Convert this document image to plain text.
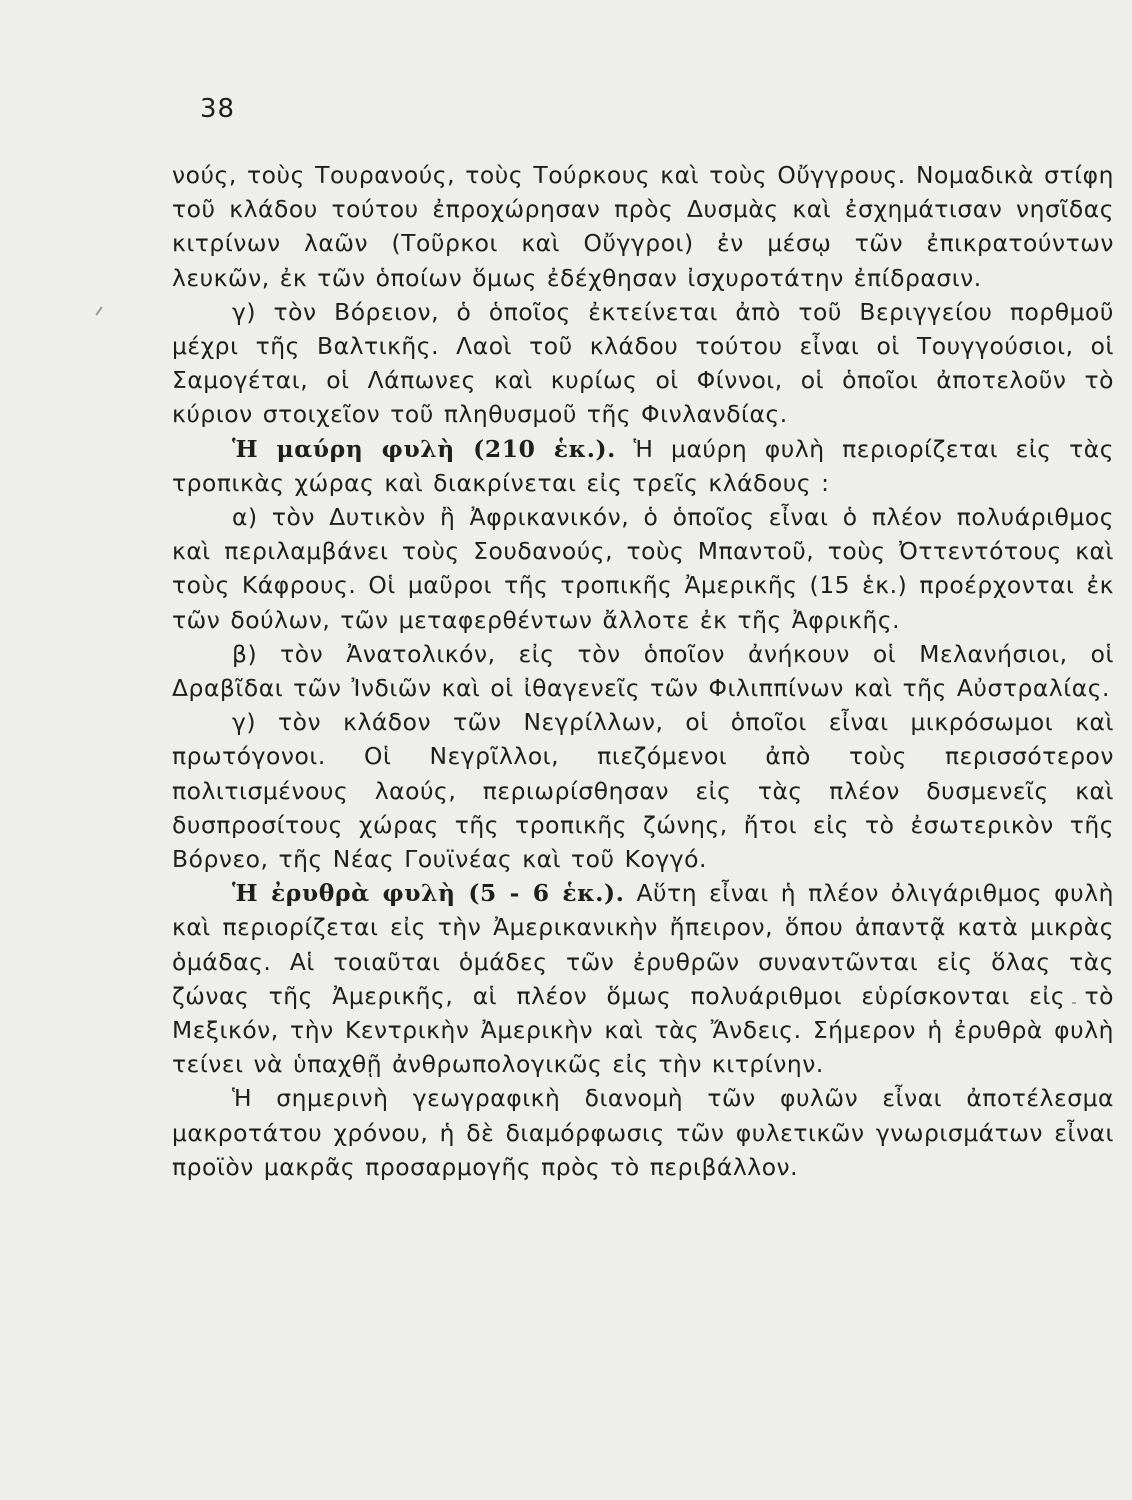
38

νούς, τοὺς Τουρανούς, τοὺς Τούρκους καὶ τοὺς Οὔγγρους. Νομαδικὰ στίφη τοῦ κλάδου τούτου ἐπροχώρησαν πρὸς Δυσμὰς καὶ ἐσχημάτισαν νησῖδας κιτρίνων λαῶν (Τοῦρκοι καὶ Οὔγγροι) ἐν μέσῳ τῶν ἐπικρατούντων λευκῶν, ἐκ τῶν ὁποίων ὅμως ἐδέχθησαν ἰσχυροτάτην ἐπίδρασιν.

γ) τὸν Βόρειον, ὁ ὁποῖος ἐκτείνεται ἀπὸ τοῦ Βεριγγείου πορθμοῦ μέχρι τῆς Βαλτικῆς. Λαοὶ τοῦ κλάδου τούτου εἶναι οἱ Τουγγούσιοι, οἱ Σαμογέται, οἱ Λάπωνες καὶ κυρίως οἱ Φίννοι, οἱ ὁποῖοι ἀποτελοῦν τὸ κύριον στοιχεῖον τοῦ πληθυσμοῦ τῆς Φινλανδίας.

Ἡ μαύρη φυλὴ (210 ἑκ.). Ἡ μαύρη φυλὴ περιορίζεται εἰς τὰς τροπικὰς χώρας καὶ διακρίνεται εἰς τρεῖς κλάδους :

α) τὸν Δυτικὸν ἢ Ἀφρικανικόν, ὁ ὁποῖος εἶναι ὁ πλέον πολυάριθμος καὶ περιλαμβάνει τοὺς Σουδανούς, τοὺς Μπαντοῦ, τοὺς Ὀττεντότους καὶ τοὺς Κάφρους. Οἱ μαῦροι τῆς τροπικῆς Ἀμερικῆς (15 ἑκ.) προέρχονται ἐκ τῶν δούλων, τῶν μεταφερθέντων ἄλλοτε ἐκ τῆς Ἀφρικῆς.

β) τὸν Ἀνατολικόν, εἰς τὸν ὁποῖον ἀνήκουν οἱ Μελανήσιοι, οἱ Δραβῖδαι τῶν Ἰνδιῶν καὶ οἱ ἰθαγενεῖς τῶν Φιλιππίνων καὶ τῆς Αὐστραλίας.

γ) τὸν κλάδον τῶν Νεγρίλλων, οἱ ὁποῖοι εἶναι μικρόσωμοι καὶ πρωτόγονοι. Οἱ Νεγρῖλλοι, πιεζόμενοι ἀπὸ τοὺς περισσότερον πολιτισμένους λαούς, περιωρίσθησαν εἰς τὰς πλέον δυσμενεῖς καὶ δυσπροσίτους χώρας τῆς τροπικῆς ζώνης, ἤτοι εἰς τὸ ἐσωτερικὸν τῆς Βόρνεο, τῆς Νέας Γουϊνέας καὶ τοῦ Κογγό.

Ἡ ἐρυθρὰ φυλὴ (5 - 6 ἑκ.). Αὕτη εἶναι ἡ πλέον ὀλιγάριθμος φυλὴ καὶ περιορίζεται εἰς τὴν Ἀμερικανικὴν ἤπειρον, ὅπου ἀπαντᾷ κατὰ μικρὰς ὁμάδας. Αἱ τοιαῦται ὁμάδες τῶν ἐρυθρῶν συναντῶνται εἰς ὅλας τὰς ζώνας τῆς Ἀμερικῆς, αἱ πλέον ὅμως πολυάριθμοι εὑρίσκονται εἰς τὸ Μεξικόν, τὴν Κεντρικὴν Ἀμερικὴν καὶ τὰς Ἄνδεις. Σήμερον ἡ ἐρυθρὰ φυλὴ τείνει νὰ ὑπαχθῇ ἀνθρωπολογικῶς εἰς τὴν κιτρίνην.

Ἡ σημερινὴ γεωγραφικὴ διανομὴ τῶν φυλῶν εἶναι ἀποτέλεσμα μακροτάτου χρόνου, ἡ δὲ διαμόρφωσις τῶν φυλετικῶν γνωρισμάτων εἶναι προϊὸν μακρᾶς προσαρμογῆς πρὸς τὸ περιβάλλον.
